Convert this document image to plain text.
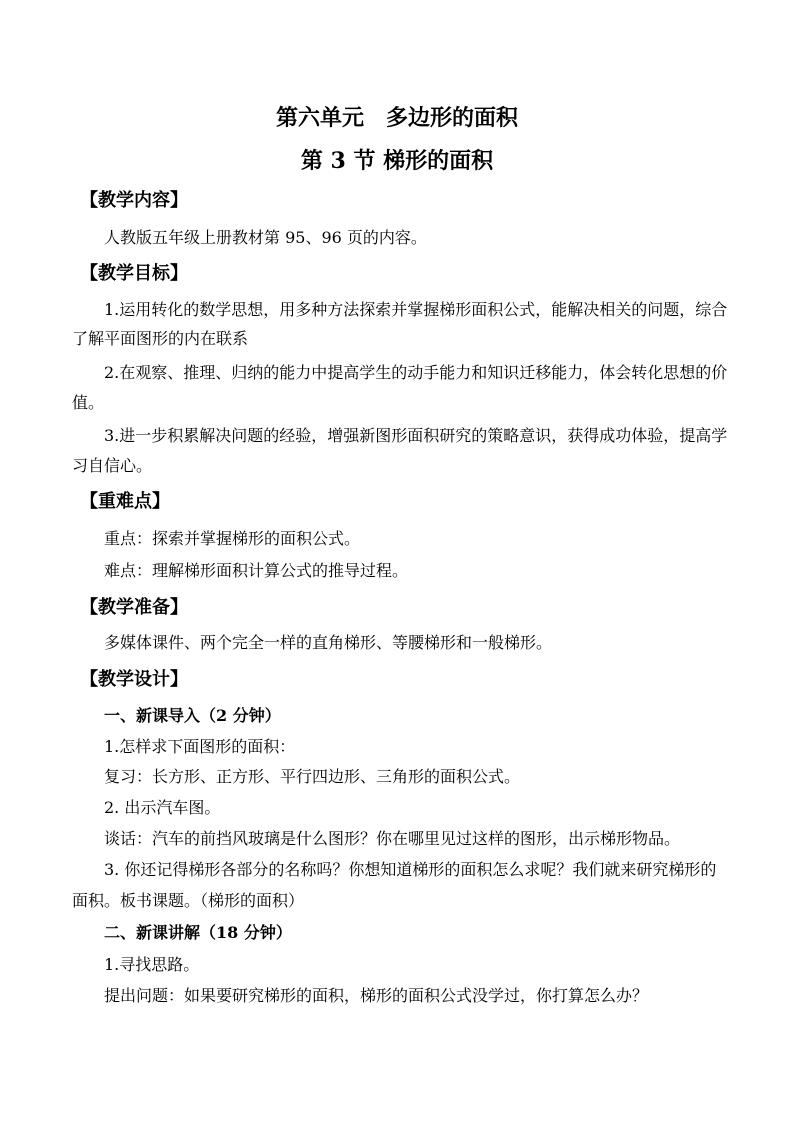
第六单元　多边形的面积
第 3 节 梯形的面积
【教学内容】
人教版五年级上册教材第 95、96 页的内容。
【教学目标】
1.运用转化的数学思想，用多种方法探索并掌握梯形面积公式，能解决相关的问题，综合
了解平面图形的内在联系
2.在观察、推理、归纳的能力中提高学生的动手能力和知识迁移能力，体会转化思想的价
值。
3.进一步积累解决问题的经验，增强新图形面积研究的策略意识，获得成功体验，提高学
习自信心。
【重难点】
重点：探索并掌握梯形的面积公式。
难点：理解梯形面积计算公式的推导过程。
【教学准备】
多媒体课件、两个完全一样的直角梯形、等腰梯形和一般梯形。
【教学设计】
一、新课导入（2 分钟）
1.怎样求下面图形的面积：
复习：长方形、正方形、平行四边形、三角形的面积公式。
2. 出示汽车图。
谈话：汽车的前挡风玻璃是什么图形？你在哪里见过这样的图形，出示梯形物品。
3. 你还记得梯形各部分的名称吗？你想知道梯形的面积怎么求呢？我们就来研究梯形的
面积。板书课题。（梯形的面积）
二、新课讲解（18 分钟）
1.寻找思路。
提出问题：如果要研究梯形的面积，梯形的面积公式没学过，你打算怎么办？
